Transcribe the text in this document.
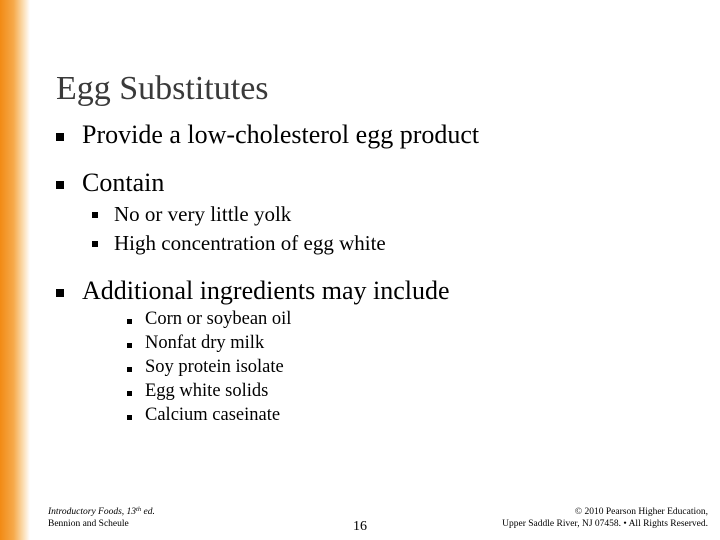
Egg Substitutes
Provide a low-cholesterol egg product
Contain
No or very little yolk
High concentration of egg white
Additional ingredients may include
Corn or soybean oil
Nonfat dry milk
Soy protein isolate
Egg white solids
Calcium caseinate
Introductory Foods, 13th ed.
Bennion and Scheule	16
© 2010 Pearson Higher Education,
Upper Saddle River, NJ 07458. • All Rights Reserved.
